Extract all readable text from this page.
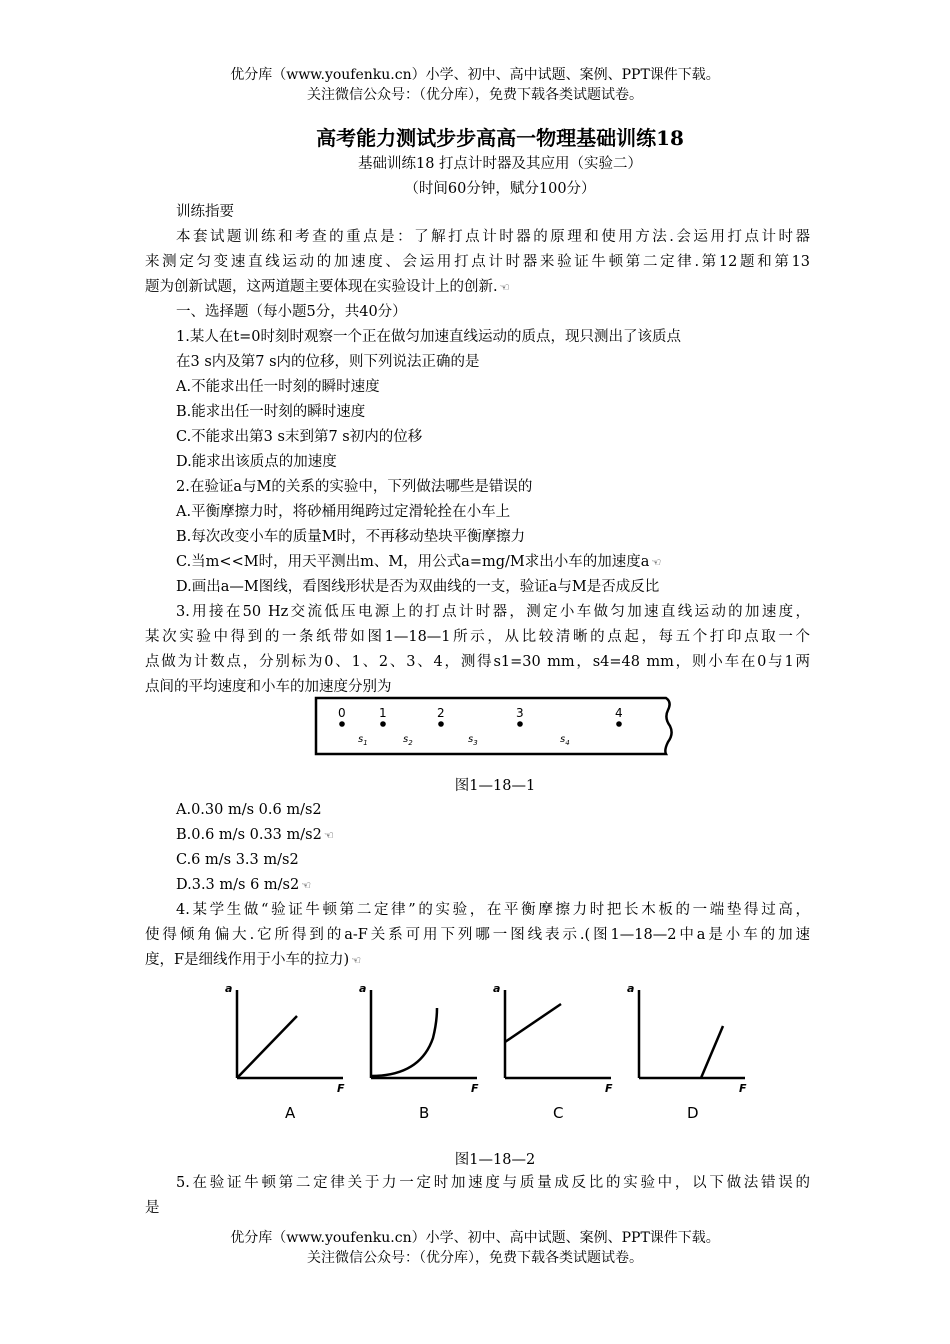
优分库（www.youfenku.cn）小学、初中、高中试题、案例、PPT课件下载。
关注微信公众号：（优分库），免费下载各类试题试卷。
高考能力测试步步高高一物理基础训练18
基础训练18 打点计时器及其应用（实验二）
（时间60分钟，赋分100分）
训练指要
本套试题训练和考查的重点是：了解打点计时器的原理和使用方法.会运用打点计时器
来测定匀变速直线运动的加速度、会运用打点计时器来验证牛顿第二定律.第12题和第13
题为创新试题，这两道题主要体现在实验设计上的创新. ☜
一、选择题（每小题5分，共40分）
1.某人在t=0时刻时观察一个正在做匀加速直线运动的质点，现只测出了该质点
在3 s内及第7 s内的位移，则下列说法正确的是
A.不能求出任一时刻的瞬时速度
B.能求出任一时刻的瞬时速度
C.不能求出第3 s末到第7 s初内的位移
D.能求出该质点的加速度
2.在验证a与M的关系的实验中，下列做法哪些是错误的
A.平衡摩擦力时，将砂桶用绳跨过定滑轮拴在小车上
B.每次改变小车的质量M时，不再移动垫块平衡摩擦力
C.当m<<M时，用天平测出m、M，用公式a=mg/M求出小车的加速度a ☜
D.画出a—M图线，看图线形状是否为双曲线的一支，验证a与M是否成反比
3.用接在50 Hz交流低压电源上的打点计时器，测定小车做匀加速直线运动的加速度，
某次实验中得到的一条纸带如图1—18—1所示，从比较清晰的点起，每五个打印点取一个
点做为计数点，分别标为0、1、2、3、4，测得s1=30 mm，s4=48 mm，则小车在0与1两
点间的平均速度和小车的加速度分别为
0	1	2	3	4
$s_1$	$s_2$	$s_3$	$s_4$
图1—18—1
A.0.30 m/s 0.6 m/s2
B.0.6 m/s 0.33 m/s2 ☜
C.6 m/s 3.3 m/s2
D.3.3 m/s 6 m/s2 ☜
4.某学生做“验证牛顿第二定律”的实验，在平衡摩擦力时把长木板的一端垫得过高，
使得倾角偏大.它所得到的a-F关系可用下列哪一图线表示.(图1—18—2中a是小车的加速
度，F是细线作用于小车的拉力) ☜
a
F
A
a
F
B
a
F
C
a
F
D
图1—18—2
5.在验证牛顿第二定律关于力一定时加速度与质量成反比的实验中，以下做法错误的
是
优分库（www.youfenku.cn）小学、初中、高中试题、案例、PPT课件下载。
关注微信公众号：（优分库），免费下载各类试题试卷。
